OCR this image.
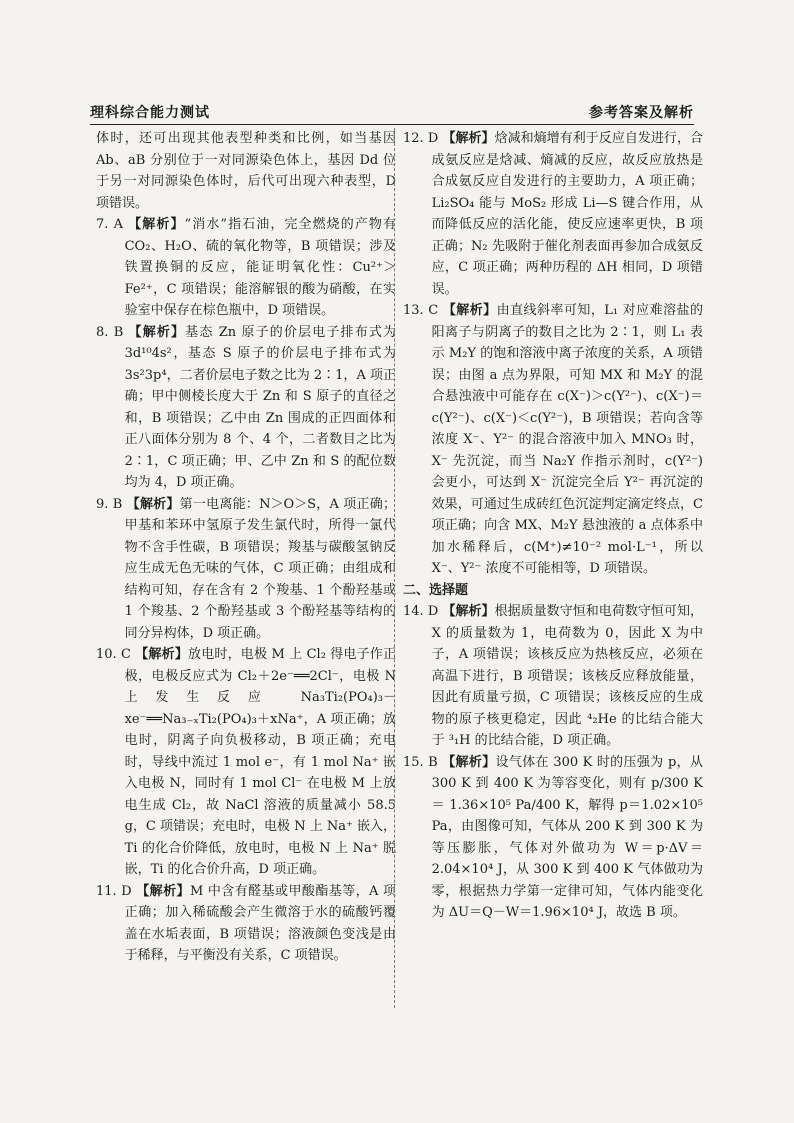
理科综合能力测试	参考答案及解析

体时，还可出现其他表型种类和比例，如当基因 Ab、aB 分别位于一对同源染色体上，基因 Dd 位于另一对同源染色体时，后代可出现六种表型，D 项错误。

7. A 【解析】“消水”指石油，完全燃烧的产物有 CO₂、H₂O、硫的氧化物等，B 项错误；涉及铁置换铜的反应，能证明氧化性：Cu²⁺＞Fe²⁺，C 项错误；能溶解银的酸为硝酸，在实验室中保存在棕色瓶中，D 项错误。

8. B 【解析】基态 Zn 原子的价层电子排布式为 3d¹⁰4s²，基态 S 原子的价层电子排布式为 3s²3p⁴，二者价层电子数之比为 2∶1，A 项正确；甲中侧棱长度大于 Zn 和 S 原子的直径之和，B 项错误；乙中由 Zn 围成的正四面体和正八面体分别为 8 个、4 个，二者数目之比为 2∶1，C 项正确；甲、乙中 Zn 和 S 的配位数均为 4，D 项正确。

9. B 【解析】第一电离能：N＞O＞S，A 项正确；甲基和苯环中氢原子发生氯代时，所得一氯代物不含手性碳，B 项错误；羧基与碳酸氢钠反应生成无色无味的气体，C 项正确；由组成和结构可知，存在含有 2 个羧基、1 个酚羟基或 1 个羧基、2 个酚羟基或 3 个酚羟基等结构的同分异构体，D 项正确。

10. C 【解析】放电时，电极 M 上 Cl₂ 得电子作正极，电极反应式为 Cl₂＋2e⁻══2Cl⁻，电极 N 上发生反应 Na₃Ti₂(PO₄)₃－xe⁻══Na₃₋ₓTi₂(PO₄)₃＋xNa⁺，A 项正确；放电时，阴离子向负极移动，B 项正确；充电时，导线中流过 1 mol e⁻，有 1 mol Na⁺ 嵌入电极 N，同时有 1 mol Cl⁻ 在电极 M 上放电生成 Cl₂，故 NaCl 溶液的质量减小 58.5 g，C 项错误；充电时，电极 N 上 Na⁺ 嵌入，Ti 的化合价降低，放电时，电极 N 上 Na⁺ 脱嵌，Ti 的化合价升高，D 项正确。

11. D 【解析】M 中含有醛基或甲酸酯基等，A 项正确；加入稀硫酸会产生微溶于水的硫酸钙覆盖在水垢表面，B 项错误；溶液颜色变浅是由于稀释，与平衡没有关系，C 项错误。

12. D 【解析】焓减和熵增有利于反应自发进行，合成氨反应是焓减、熵减的反应，故反应放热是合成氨反应自发进行的主要助力，A 项正确；Li₂SO₄ 能与 MoS₂ 形成 Li—S 键合作用，从而降低反应的活化能，使反应速率更快，B 项正确；N₂ 先吸附于催化剂表面再参加合成氨反应，C 项正确；两种历程的 ΔH 相同，D 项错误。

13. C 【解析】由直线斜率可知，L₁ 对应难溶盐的阳离子与阴离子的数目之比为 2∶1，则 L₁ 表示 M₂Y 的饱和溶液中离子浓度的关系，A 项错误；由图 a 点为界限，可知 MX 和 M₂Y 的混合悬浊液中可能存在 c(X⁻)＞c(Y²⁻)、c(X⁻)＝c(Y²⁻)、c(X⁻)＜c(Y²⁻)，B 项错误；若向含等浓度 X⁻、Y²⁻ 的混合溶液中加入 MNO₃ 时，X⁻ 先沉淀，而当 Na₂Y 作指示剂时，c(Y²⁻) 会更小，可达到 X⁻ 沉淀完全后 Y²⁻ 再沉淀的效果，可通过生成砖红色沉淀判定滴定终点，C 项正确；向含 MX、M₂Y 悬浊液的 a 点体系中加水稀释后，c(M⁺)≠10⁻² mol·L⁻¹，所以 X⁻、Y²⁻ 浓度不可能相等，D 项错误。

二、选择题

14. D 【解析】根据质量数守恒和电荷数守恒可知，X 的质量数为 1，电荷数为 0，因此 X 为中子，A 项错误；该核反应为热核反应，必须在高温下进行，B 项错误；该核反应释放能量，因此有质量亏损，C 项错误；该核反应的生成物的原子核更稳定，因此 ⁴₂He 的比结合能大于 ³₁H 的比结合能，D 项正确。

15. B 【解析】设气体在 300 K 时的压强为 p，从 300 K 到 400 K 为等容变化，则有 p/300 K ＝ 1.36×10⁵ Pa/400 K，解得 p＝1.02×10⁵ Pa，由图像可知，气体从 200 K 到 300 K 为等压膨胀，气体对外做功为 W＝p·ΔV＝2.04×10⁴ J，从 300 K 到 400 K 气体做功为零，根据热力学第一定律可知，气体内能变化为 ΔU＝Q－W＝1.96×10⁴ J，故选 B 项。
